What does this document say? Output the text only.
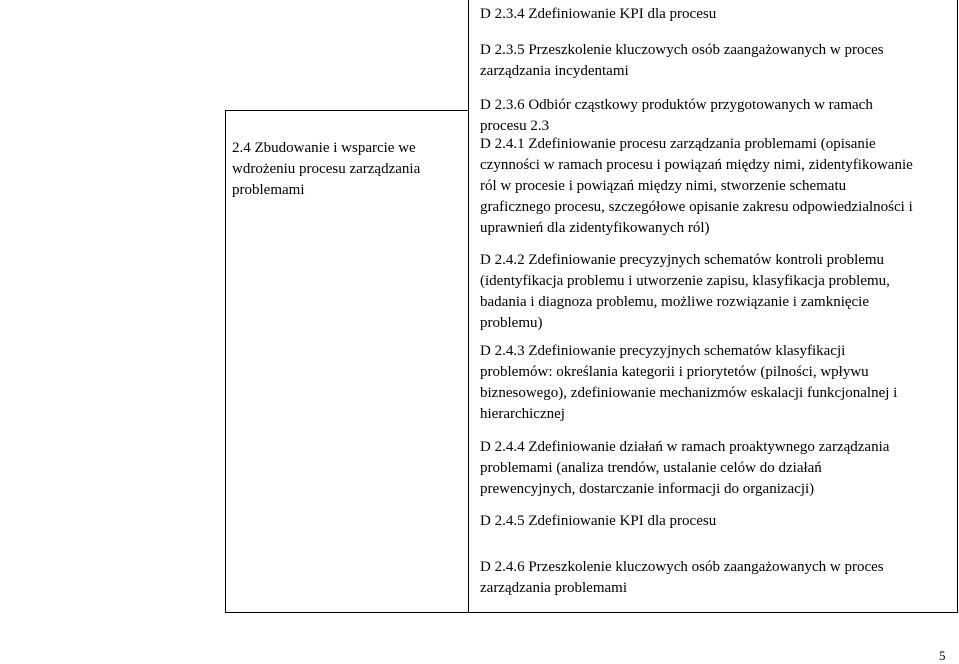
2.4 Zbudowanie i wsparcie we
wdrożeniu procesu zarządzania
problemami
D 2.3.4 Zdefiniowanie KPI dla procesu
D 2.3.5 Przeszkolenie kluczowych osób zaangażowanych w proces
zarządzania incydentami
D 2.3.6 Odbiór cząstkowy produktów przygotowanych w ramach
procesu 2.3
D 2.4.1 Zdefiniowanie procesu zarządzania problemami (opisanie
czynności w ramach procesu i powiązań między nimi, zidentyfikowanie
ról w procesie i powiązań między nimi, stworzenie schematu
graficznego procesu, szczegółowe opisanie zakresu odpowiedzialności i
uprawnień dla zidentyfikowanych ról)
D 2.4.2 Zdefiniowanie precyzyjnych schematów kontroli problemu
(identyfikacja problemu i utworzenie zapisu, klasyfikacja problemu,
badania i diagnoza problemu, możliwe rozwiązanie i zamknięcie
problemu)
D 2.4.3 Zdefiniowanie precyzyjnych schematów klasyfikacji
problemów: określania kategorii i priorytetów (pilności, wpływu
biznesowego), zdefiniowanie mechanizmów eskalacji funkcjonalnej i
hierarchicznej
D 2.4.4 Zdefiniowanie działań w ramach proaktywnego zarządzania
problemami (analiza trendów, ustalanie celów do działań
prewencyjnych, dostarczanie informacji do organizacji)
D 2.4.5 Zdefiniowanie KPI dla procesu
D 2.4.6 Przeszkolenie kluczowych osób zaangażowanych w proces
zarządzania problemami
5
